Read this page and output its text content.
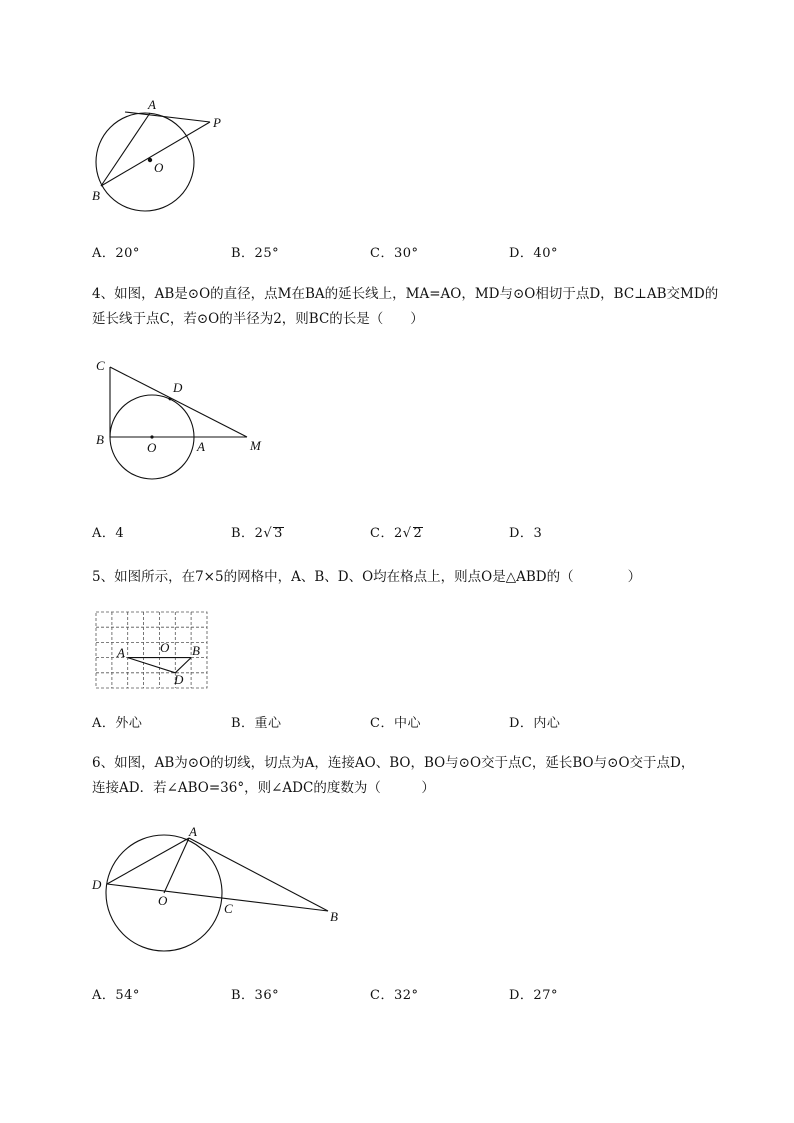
A
P
O
B
A．20°	B．25°	C．30°	D．40°
4、如图，AB是⊙O的直径，点M在BA的延长线上，MA=AO，MD与⊙O相切于点D，BC⊥AB交MD的
延长线于点C，若⊙O的半径为2，则BC的长是（　　）
C
D
B
O	A	M
A．4	B．2√ 3	C．2√ 2	D．3
5、如图所示，在7×5的网格中，A、B、D、O均在格点上，则点O是△ABD的（　　　　）
A	O B
D
A．外心	B．重心	C．中心	D．内心
6、如图，AB为⊙O的切线，切点为A，连接AO、BO，BO与⊙O交于点C，延长BO与⊙O交于点D，
连接AD．若∠ABO=36°，则∠ADC的度数为（　　　）
A
D
O
C
B
A．54°	B．36°	C．32°	D．27°
